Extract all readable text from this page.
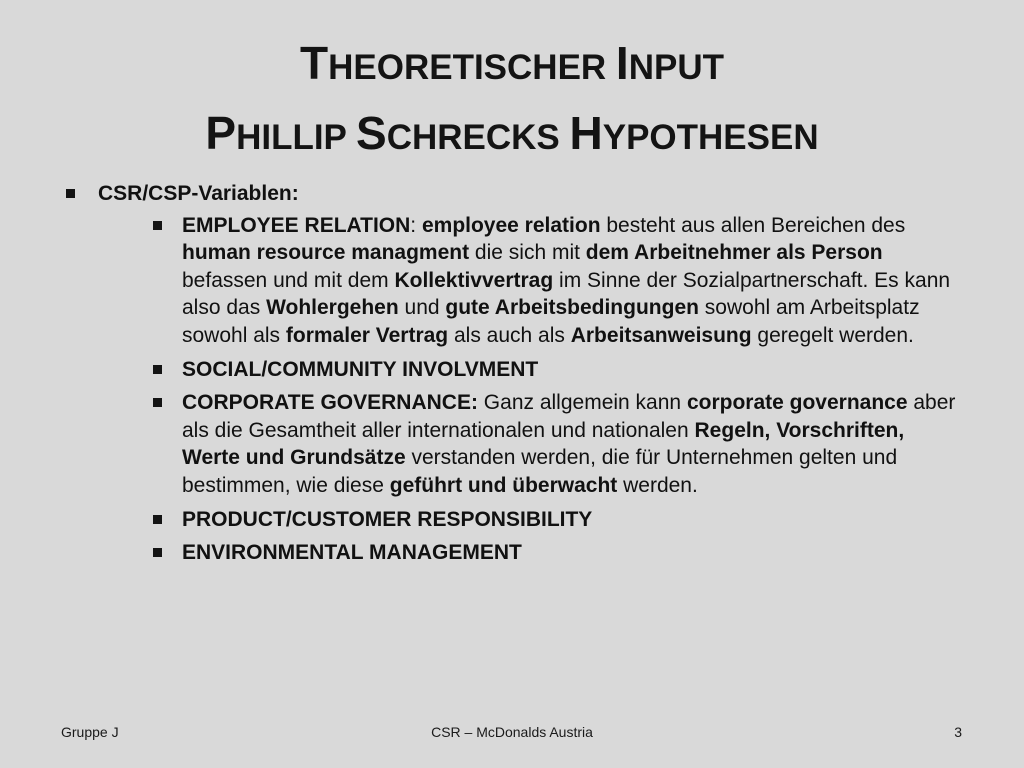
THEORETISCHER INPUT
PHILLIP SCHRECKS HYPOTHESEN
CSR/CSP-Variablen:
EMPLOYEE RELATION: employee relation besteht aus allen Bereichen des human resource managment die sich mit dem Arbeitnehmer als Person befassen und mit dem Kollektivvertrag im Sinne der Sozialpartnerschaft. Es kann also das Wohlergehen und gute Arbeitsbedingungen sowohl am Arbeitsplatz sowohl als formaler Vertrag als auch als Arbeitsanweisung geregelt werden.
SOCIAL/COMMUNITY INVOLVMENT
CORPORATE GOVERNANCE: Ganz allgemein kann corporate governance aber als die Gesamtheit aller internationalen und nationalen Regeln, Vorschriften, Werte und Grundsätze verstanden werden, die für Unternehmen gelten und bestimmen, wie diese geführt und überwacht werden.
PRODUCT/CUSTOMER RESPONSIBILITY
ENVIRONMENTAL MANAGEMENT
Gruppe J	CSR – McDonalds Austria	3
